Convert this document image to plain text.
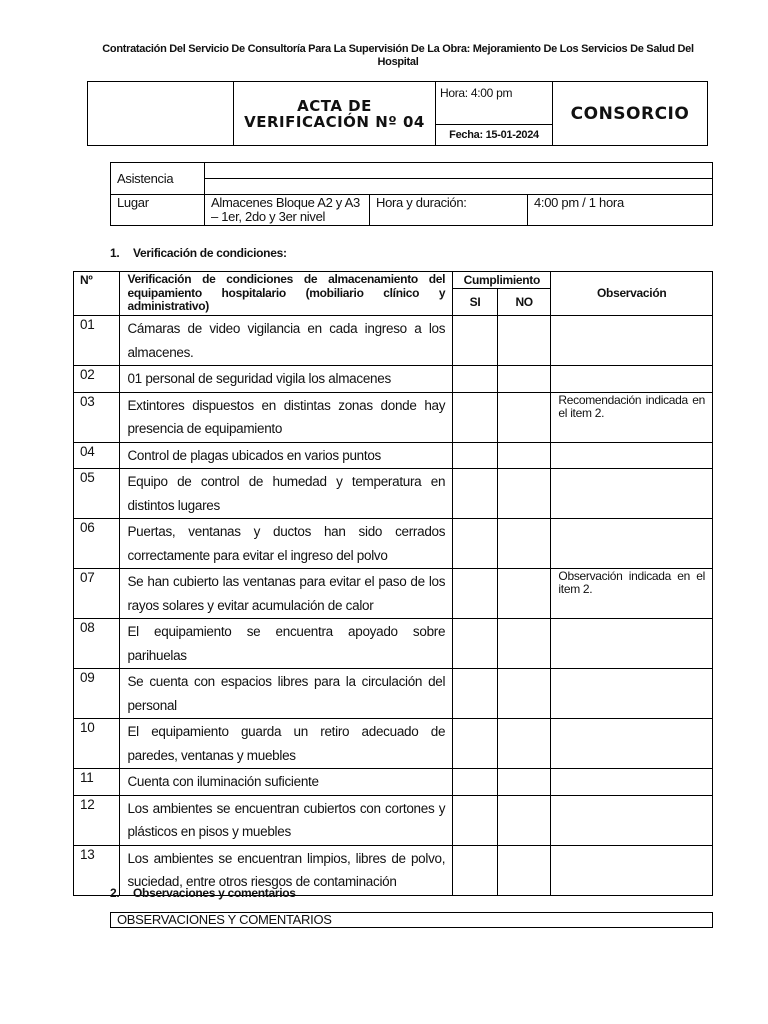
Contratación Del Servicio De Consultoría Para La Supervisión De La Obra: Mejoramiento De Los Servicios De Salud Del Hospital

ACTA DE
VERIFICACIÓN Nº 04
	Hora: 4:00 pm	CONSORCIO
Fecha: 15-01-2024
Asistencia			

Lugar	Almacenes Bloque A2 y A3 – 1er, 2do y 3er nivel	Hora y duración:	4:00 pm / 1 hora
1. Verificación de condiciones:
Nº	Verificación de condiciones de almacenamiento del equipamiento hospitalario (mobiliario clínico y administrativo)	Cumplimiento		Observación
		SI	NO	
01	Cámaras de video vigilancia en cada ingreso a los almacenes.			
02	01 personal de seguridad vigila los almacenes			
03	Extintores dispuestos en distintas zonas donde hay presencia de equipamiento			Recomendación indicada en el item 2.
04	Control de plagas ubicados en varios puntos			
05	Equipo de control de humedad y temperatura en distintos lugares			
06	Puertas, ventanas y ductos han sido cerrados correctamente para evitar el ingreso del polvo			
07	Se han cubierto las ventanas para evitar el paso de los rayos solares y evitar acumulación de calor			Observación indicada en el item 2.
08	El equipamiento se encuentra apoyado sobre parihuelas			
09	Se cuenta con espacios libres para la circulación del personal			
10	El equipamiento guarda un retiro adecuado de paredes, ventanas y muebles			
11	Cuenta con iluminación suficiente			
12	Los ambientes se encuentran cubiertos con cortones y plásticos en pisos y muebles			
13	Los ambientes se encuentran limpios, libres de polvo, suciedad, entre otros riesgos de contaminación			
2. Observaciones y comentarios
OBSERVACIONES Y COMENTARIOS
